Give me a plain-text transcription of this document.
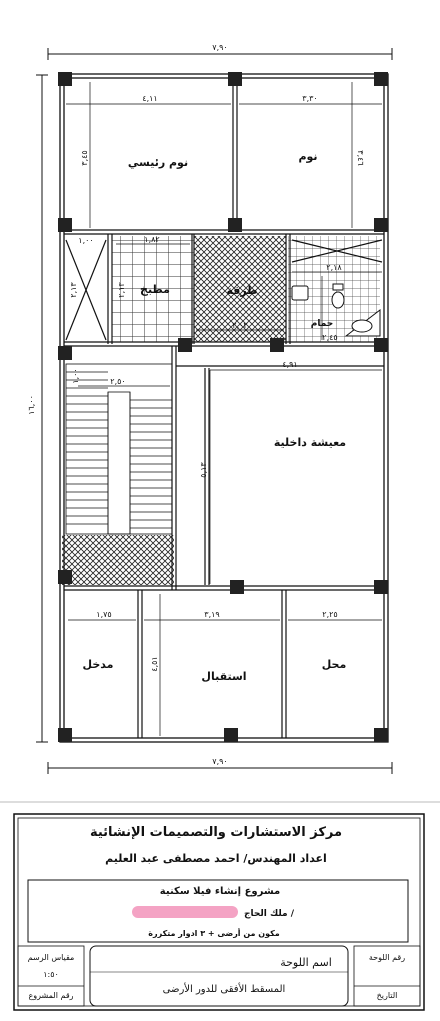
٧,٩٠
٧,٩٠
١٦,٠٠
نوم رئيسي	نوم
مطبخ	طرقة
حمام
معيشة داخلية
مدخل
استقبال
محل
٤,١١	٣,٣٠
٣,٤٥	٣,٤٦
١,٠٠
٢,١٣
١,٨٢
٢,١٣
٢,٠٢
٢,١٨
٢,٤٥
٢,٥٠
١,٠٠
٤,٩١
٥,١٣
١,٧٥	٣,١٩
٤,٥١
٢,٢٥
مركز الاستشارات والتصميمات الإنشائية
اعداد المهندس/ احمد مصطفى عبد العليم
مشروع إنشاء فيلا سكنية
ملك الحاج /
مكون من أرضى + ٣ ادوار متكررة
مقياس الرسم
١:٥٠
رقم المشروع
اسم اللوحة
المسقط الأفقى للدور الأرضى
رقم اللوحة
التاريخ
